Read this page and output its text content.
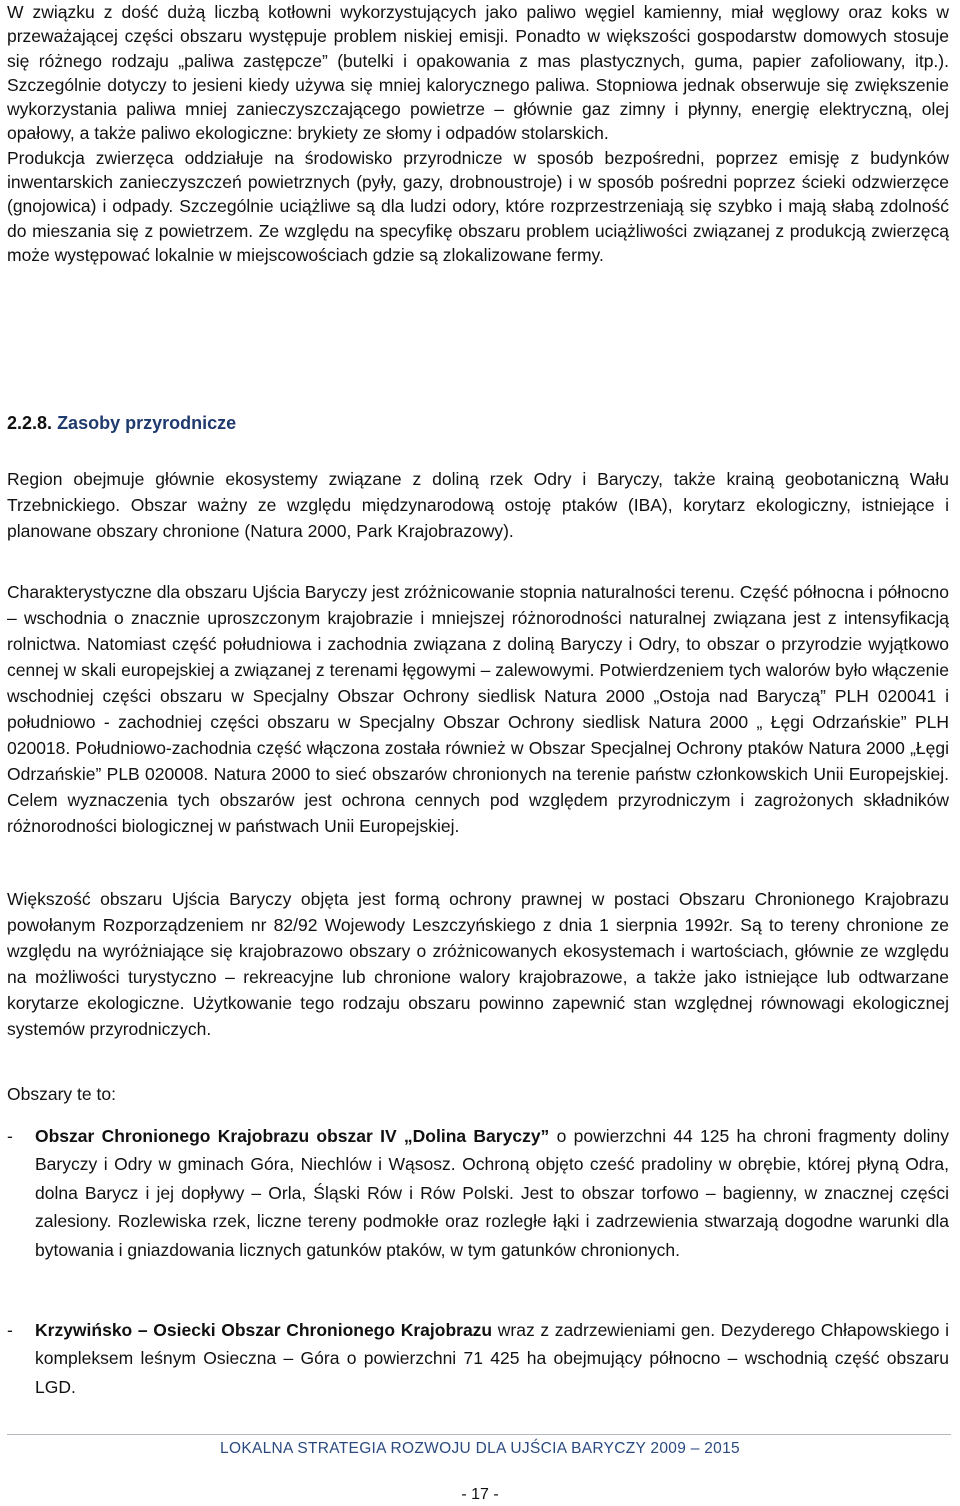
W związku z dość dużą liczbą kotłowni wykorzystujących jako paliwo węgiel kamienny, miał węglowy oraz koks w przeważającej części obszaru występuje problem niskiej emisji. Ponadto w większości gospodarstw domowych stosuje się różnego rodzaju „paliwa zastępcze” (butelki i opakowania z mas plastycznych, guma, papier zafoliowany, itp.). Szczególnie dotyczy to jesieni kiedy używa się mniej kalorycznego paliwa. Stopniowa jednak obserwuje się zwiększenie wykorzystania paliwa mniej zanieczyszczającego powietrze – głównie gaz zimny i płynny, energię elektryczną, olej opałowy, a także paliwo ekologiczne: brykiety ze słomy i odpadów stolarskich.

Produkcja zwierzęca oddziałuje na środowisko przyrodnicze w sposób bezpośredni, poprzez emisję z budynków inwentarskich zanieczyszczeń powietrznych (pyły, gazy, drobnoustroje) i w sposób pośredni poprzez ścieki odzwierzęce (gnojowica) i odpady. Szczególnie uciążliwe są dla ludzi odory, które rozprzestrzeniają się szybko i mają słabą zdolność do mieszania się z powietrzem. Ze względu na specyfikę obszaru problem uciążliwości związanej z produkcją zwierzęcą może występować lokalnie w miejscowościach gdzie są zlokalizowane fermy.

2.2.8. Zasoby przyrodnicze

Region obejmuje głównie ekosystemy związane z doliną rzek Odry i Baryczy, także krainą geobotaniczną Wału Trzebnickiego. Obszar ważny ze względu międzynarodową ostoję ptaków (IBA), korytarz ekologiczny, istniejące i planowane obszary chronione (Natura 2000, Park Krajobrazowy).

Charakterystyczne dla obszaru Ujścia Baryczy jest zróżnicowanie stopnia naturalności terenu. Część północna i północno – wschodnia o znacznie uproszczonym krajobrazie i mniejszej różnorodności naturalnej związana jest z intensyfikacją rolnictwa. Natomiast część południowa i zachodnia związana z doliną Baryczy i Odry, to obszar o przyrodzie wyjątkowo cennej w skali europejskiej a związanej z terenami łęgowymi – zalewowymi. Potwierdzeniem tych walorów było włączenie wschodniej części obszaru w Specjalny Obszar Ochrony siedlisk Natura 2000 „Ostoja nad Baryczą” PLH 020041 i południowo - zachodniej części obszaru w Specjalny Obszar Ochrony siedlisk Natura 2000 „ Łęgi Odrzańskie” PLH 020018. Południowo-zachodnia część włączona została również w Obszar Specjalnej Ochrony ptaków Natura 2000 „Łęgi Odrzańskie” PLB 020008. Natura 2000 to sieć obszarów chronionych na terenie państw członkowskich Unii Europejskiej. Celem wyznaczenia tych obszarów jest ochrona cennych pod względem przyrodniczym i zagrożonych składników różnorodności biologicznej w państwach Unii Europejskiej.

Większość obszaru Ujścia Baryczy objęta jest formą ochrony prawnej w postaci Obszaru Chronionego Krajobrazu powołanym Rozporządzeniem nr 82/92 Wojewody Leszczyńskiego z dnia 1 sierpnia 1992r. Są to tereny chronione ze względu na wyróżniające się krajobrazowo obszary o zróżnicowanych ekosystemach i wartościach, głównie ze względu na możliwości turystyczno – rekreacyjne lub chronione walory krajobrazowe, a także jako istniejące lub odtwarzane korytarze ekologiczne. Użytkowanie tego rodzaju obszaru powinno zapewnić stan względnej równowagi ekologicznej systemów przyrodniczych.

Obszary te to:
-	Obszar Chronionego Krajobrazu obszar IV „Dolina Baryczy” o powierzchni 44 125 ha chroni fragmenty doliny Baryczy i Odry w gminach Góra, Niechlów i Wąsosz. Ochroną objęto cześć pradoliny w obrębie, której płyną Odra, dolna Barycz i jej dopływy – Orla, Śląski Rów i Rów Polski. Jest to obszar torfowo – bagienny, w znacznej części zalesiony. Rozlewiska rzek, liczne tereny podmokłe oraz rozległe łąki i zadrzewienia stwarzają dogodne warunki dla bytowania i gniazdowania licznych gatunków ptaków, w tym gatunków chronionych.
-	Krzywińsko – Osiecki Obszar Chronionego Krajobrazu wraz z zadrzewieniami gen. Dezyderego Chłapowskiego i kompleksem leśnym Osieczna – Góra o powierzchni 71 425 ha obejmujący północno – wschodnią część obszaru LGD.
LOKALNA STRATEGIA ROZWOJU DLA UJŚCIA BARYCZY 2009 – 2015
- 17 -
